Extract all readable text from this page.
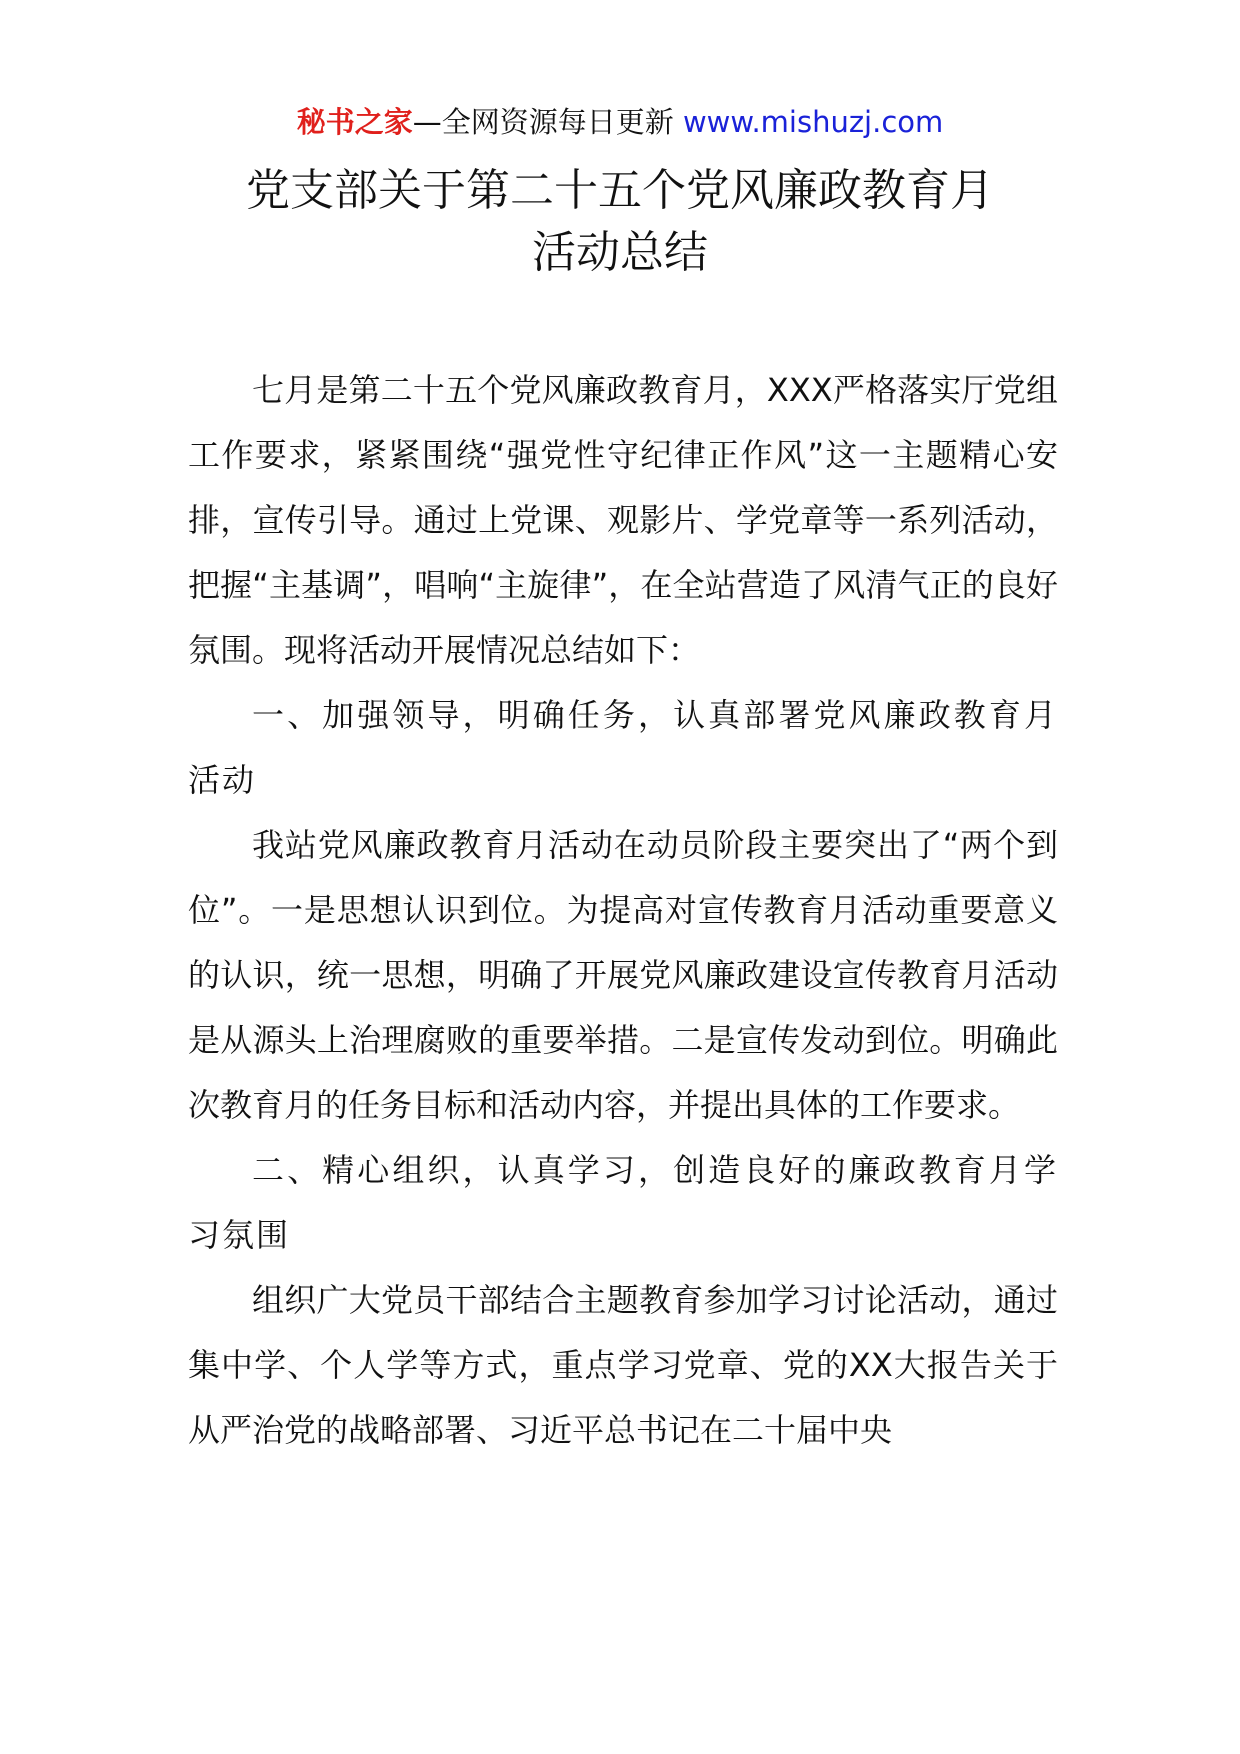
秘书之家—全网资源每日更新 www.mishuzj.com
党支部关于第二十五个党风廉政教育月
活动总结

七月是第二十五个党风廉政教育月，XXX严格落实厅党组工作要求，紧紧围绕“强党性守纪律正作风”这一主题精心安排，宣传引导。通过上党课、观影片、学党章等一系列活动，把握“主基调”，唱响“主旋律”，在全站营造了风清气正的良好氛围。现将活动开展情况总结如下：

一、加强领导，明确任务，认真部署党风廉政教育月活动

我站党风廉政教育月活动在动员阶段主要突出了“两个到位”。一是思想认识到位。为提高对宣传教育月活动重要意义的认识，统一思想，明确了开展党风廉政建设宣传教育月活动是从源头上治理腐败的重要举措。二是宣传发动到位。明确此次教育月的任务目标和活动内容，并提出具体的工作要求。

二、精心组织，认真学习，创造良好的廉政教育月学习氛围

组织广大党员干部结合主题教育参加学习讨论活动，通过集中学、个人学等方式，重点学习党章、党的XX大报告关于从严治党的战略部署、习近平总书记在二十届中央
